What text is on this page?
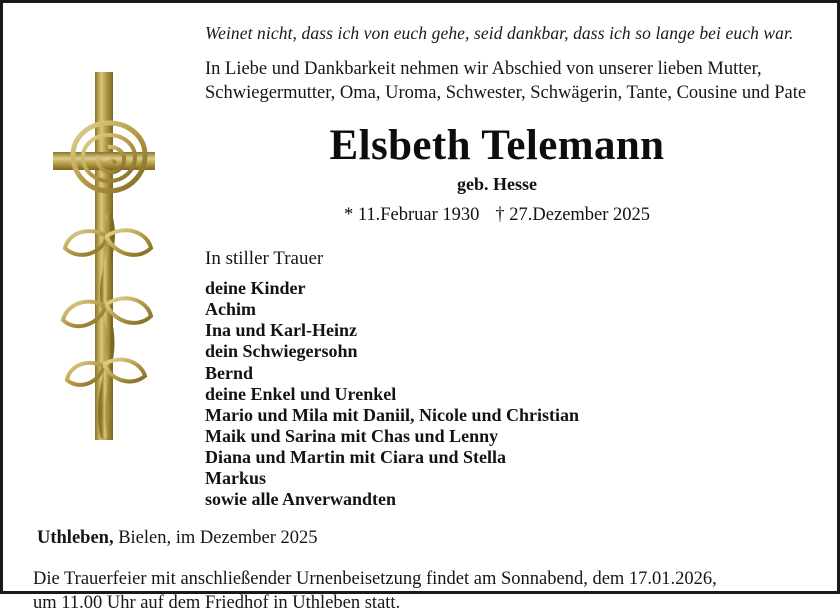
Weinet nicht, dass ich von euch gehe, seid dankbar, dass ich so lange bei euch war.
In Liebe und Dankbarkeit nehmen wir Abschied von unserer lieben Mutter, Schwiegermutter, Oma, Uroma, Schwester, Schwägerin, Tante, Cousine und Pate
Elsbeth Telemann
geb. Hesse
* 11.Februar 1930 † 27.Dezember 2025
In stiller Trauer
deine Kinder
Achim
Ina und Karl-Heinz
dein Schwiegersohn
Bernd
deine Enkel und Urenkel
Mario und Mila mit Daniil, Nicole und Christian
Maik und Sarina mit Chas und Lenny
Diana und Martin mit Ciara und Stella
Markus
sowie alle Anverwandten
Uthleben, Bielen, im Dezember 2025
Die Trauerfeier mit anschließender Urnenbeisetzung findet am Sonnabend, dem 17.01.2026,
um 11.00 Uhr auf dem Friedhof in Uthleben statt.
